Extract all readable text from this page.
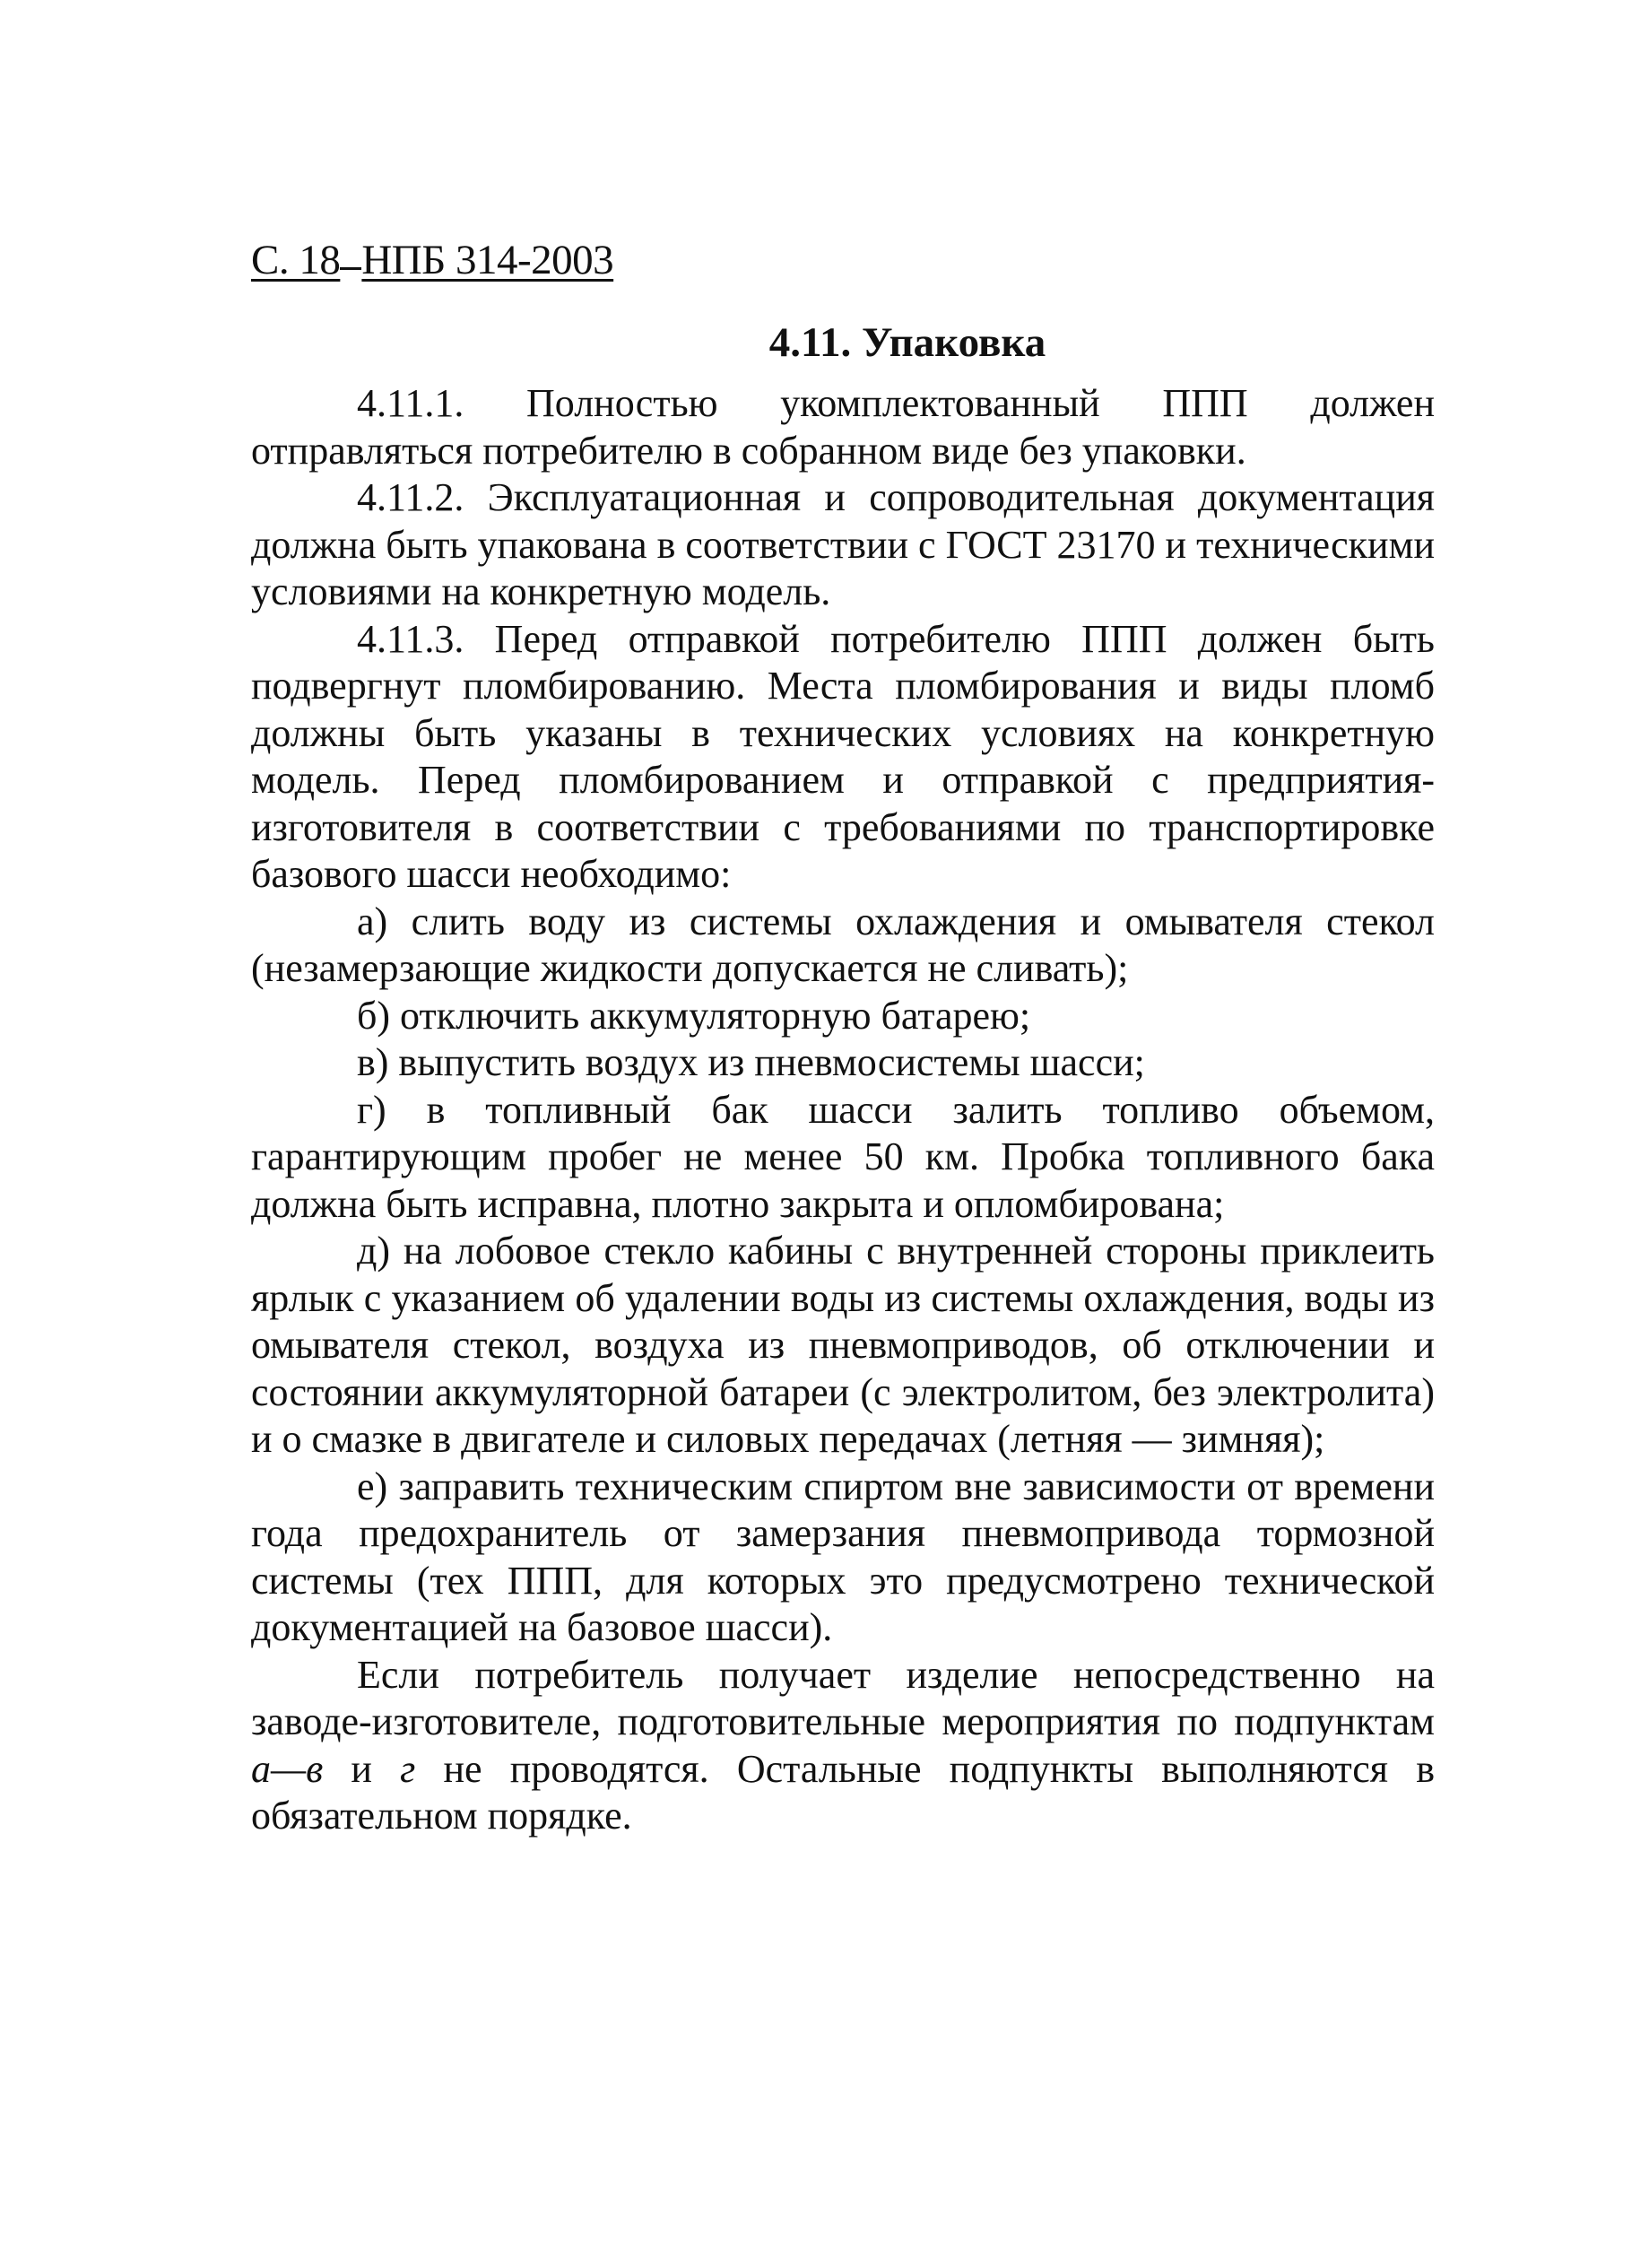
С. 18 НПБ 314-2003
4.11. Упаковка

4.11.1. Полностью укомплектованный ППП должен отправляться потребителю в собранном виде без упаковки.

4.11.2. Эксплуатационная и сопроводительная документация должна быть упакована в соответствии с ГОСТ 23170 и техническими условиями на конкретную модель.

4.11.3. Перед отправкой потребителю ППП должен быть подвергнут пломбированию. Места пломбирования и виды пломб должны быть указаны в технических условиях на конкретную модель. Перед пломбированием и отправкой с предприятия-изготовителя в соответствии с требованиями по транспортировке базового шасси необходимо:

а) слить воду из системы охлаждения и омывателя стекол (незамерзающие жидкости допускается не сливать);

б) отключить аккумуляторную батарею;

в) выпустить воздух из пневмосистемы шасси;

г) в топливный бак шасси залить топливо объемом, гарантирующим пробег не менее 50 км. Пробка топливного бака должна быть исправна, плотно закрыта и опломбирована;

д) на лобовое стекло кабины с внутренней стороны приклеить ярлык с указанием об удалении воды из системы охлаждения, воды из омывателя стекол, воздуха из пневмоприводов, об отключении и состоянии аккумуляторной батареи (с электролитом, без электролита) и о смазке в двигателе и силовых передачах (летняя — зимняя);

е) заправить техническим спиртом вне зависимости от времени года предохранитель от замерзания пневмопривода тормозной системы (тех ППП, для которых это предусмотрено технической документацией на базовое шасси).

Если потребитель получает изделие непосредственно на заводе-изготовителе, подготовительные мероприятия по подпунктам а—в и г не проводятся. Остальные подпункты выполняются в обязательном порядке.
